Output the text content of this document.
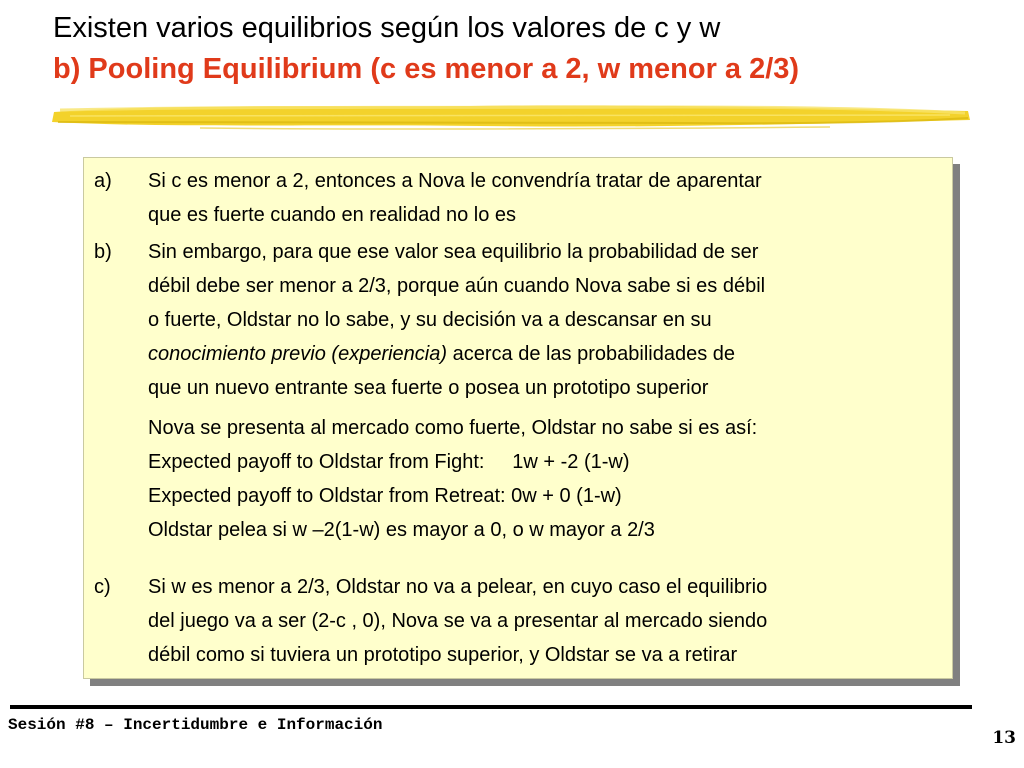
Existen varios equilibrios según los valores de c y w
b) Pooling Equilibrium (c es menor a 2, w menor a 2/3)
a)	Si c es menor a 2, entonces a Nova le convendría tratar de aparentar
que es fuerte cuando en realidad no lo es
b)	Sin embargo, para que ese valor sea equilibrio la probabilidad de ser
débil debe ser menor a 2/3, porque aún cuando Nova sabe si es débil
o fuerte, Oldstar no lo sabe, y su decisión va a descansar en su
conocimiento previo (experiencia) acerca de las probabilidades de
que un nuevo entrante sea fuerte o posea un prototipo superior
Nova se presenta al mercado como fuerte, Oldstar no sabe si es así:
Expected payoff to Oldstar from Fight:     1w + -2 (1-w)
Expected payoff to Oldstar from Retreat: 0w + 0 (1-w)
Oldstar pelea si w –2(1-w) es mayor a 0, o w mayor a 2/3
c)	Si w es menor a 2/3, Oldstar no va a pelear, en cuyo caso el equilibrio
del juego va a ser (2-c , 0), Nova se va a presentar al mercado siendo
débil como si tuviera un prototipo superior, y Oldstar se va a retirar
Sesión #8 – Incertidumbre e Información
13
